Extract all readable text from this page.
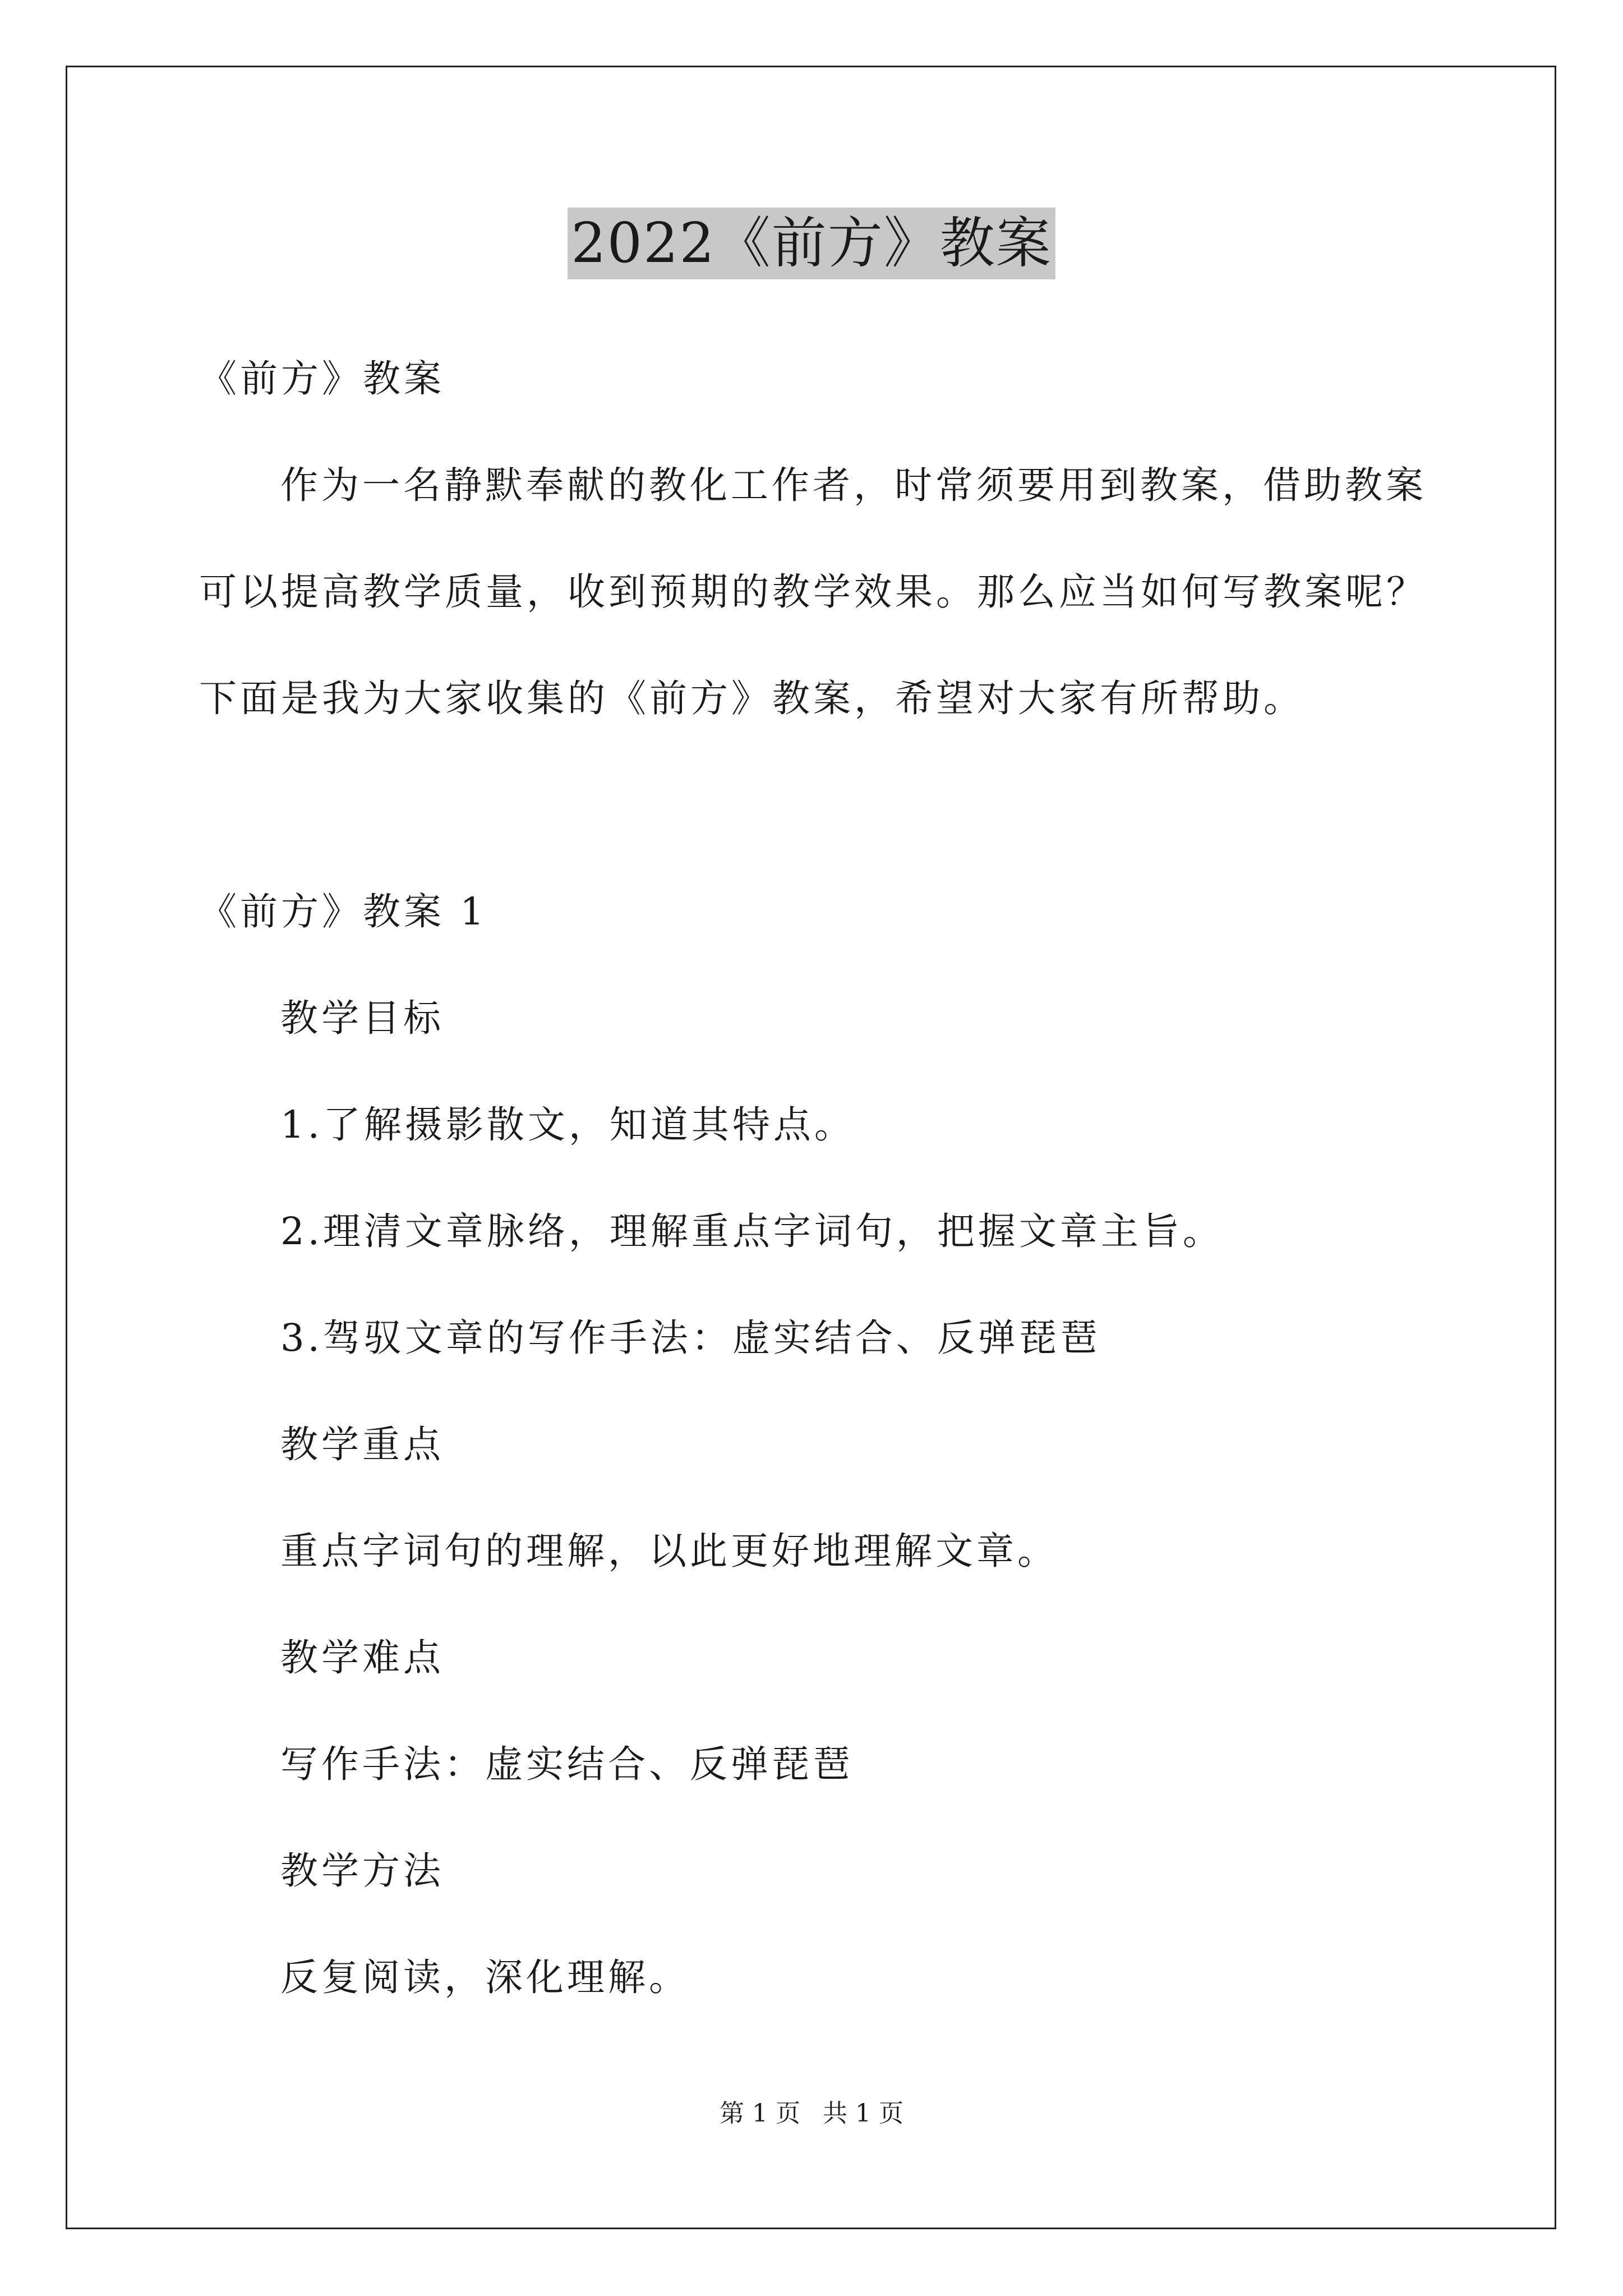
2022《前方》教案
《前方》教案
作为一名静默奉献的教化工作者，时常须要用到教案，借助教案
可以提高教学质量，收到预期的教学效果。那么应当如何写教案呢？
下面是我为大家收集的《前方》教案，希望对大家有所帮助。
《前方》教案 1
教学目标
1.了解摄影散文，知道其特点。
2.理清文章脉络，理解重点字词句，把握文章主旨。
3.驾驭文章的写作手法：虚实结合、反弹琵琶
教学重点
重点字词句的理解，以此更好地理解文章。
教学难点
写作手法：虚实结合、反弹琵琶
教学方法
反复阅读，深化理解。
第 1 页 共 1 页
